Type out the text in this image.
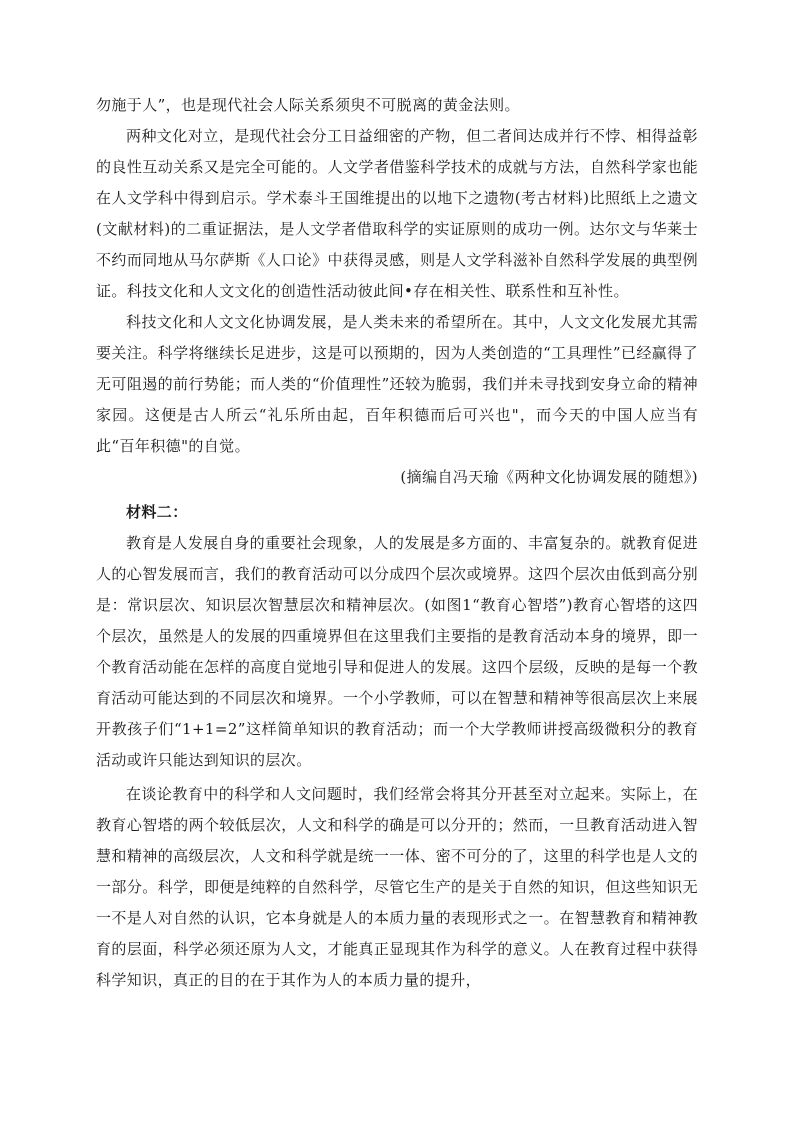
勿施于人”，也是现代社会人际关系须臾不可脱离的黄金法则。

两种文化对立，是现代社会分工日益细密的产物，但二者间达成并行不悖、相得益彰的良性互动关系又是完全可能的。人文学者借鉴科学技术的成就与方法，自然科学家也能在人文学科中得到启示。学术泰斗王国维提出的以地下之遗物(考古材料)比照纸上之遗文(文献材料)的二重证据法，是人文学者借取科学的实证原则的成功一例。达尔文与华莱士不约而同地从马尔萨斯《人口论》中获得灵感，则是人文学科滋补自然科学发展的典型例证。科技文化和人文文化的创造性活动彼此间•存在相关性、联系性和互补性。

科技文化和人文文化协调发展，是人类未来的希望所在。其中，人文文化发展尤其需要关注。科学将继续长足进步，这是可以预期的，因为人类创造的“工具理性”已经赢得了无可阻遏的前行势能；而人类的“价值理性”还较为脆弱，我们并未寻找到安身立命的精神家园。这便是古人所云“礼乐所由起，百年积德而后可兴也"，而今天的中国人应当有此“百年积德"的自觉。

(摘编自冯天瑜《两种文化协调发展的随想》)

材料二：

教育是人发展自身的重要社会现象，人的发展是多方面的、丰富复杂的。就教育促进人的心智发展而言，我们的教育活动可以分成四个层次或境界。这四个层次由低到高分别是：常识层次、知识层次智慧层次和精神层次。(如图1“教育心智塔”)教育心智塔的这四个层次，虽然是人的发展的四重境界但在这里我们主要指的是教育活动本身的境界，即一个教育活动能在怎样的高度自觉地引导和促进人的发展。这四个层级，反映的是每一个教育活动可能达到的不同层次和境界。一个小学教师，可以在智慧和精神等很高层次上来展开教孩子们“1+1=2”这样简单知识的教育活动；而一个大学教师讲授高级微积分的教育活动或许只能达到知识的层次。

在谈论教育中的科学和人文问题时，我们经常会将其分开甚至对立起来。实际上，在教育心智塔的两个较低层次，人文和科学的确是可以分开的；然而，一旦教育活动进入智慧和精神的高级层次，人文和科学就是统一一体、密不可分的了，这里的科学也是人文的一部分。科学，即便是纯粹的自然科学，尽管它生产的是关于自然的知识，但这些知识无一不是人对自然的认识，它本身就是人的本质力量的表现形式之一。在智慧教育和精神教育的层面，科学必须还原为人文，才能真正显现其作为科学的意义。人在教育过程中获得科学知识，真正的目的在于其作为人的本质力量的提升，
